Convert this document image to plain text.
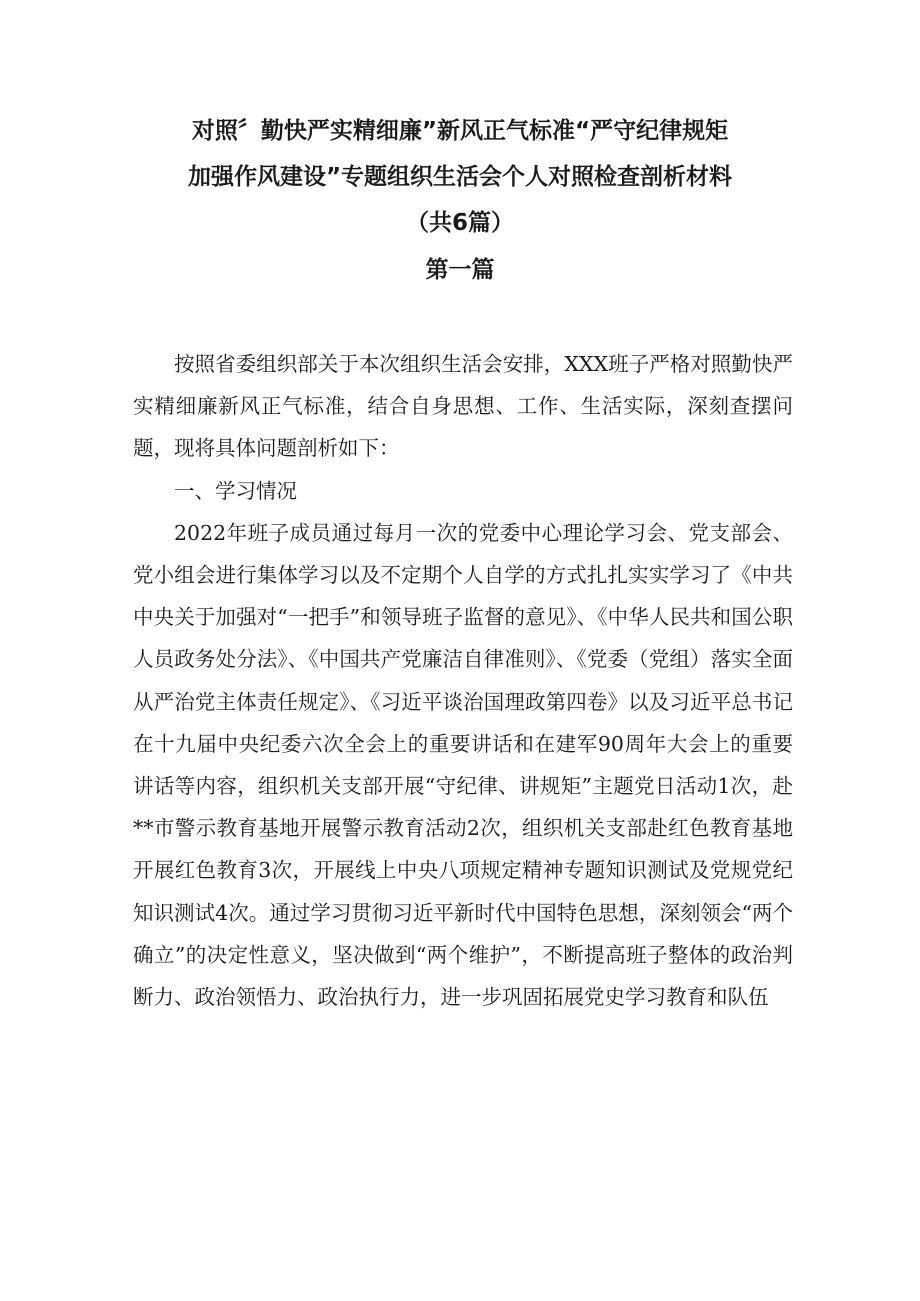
对照〞勤快严实精细廉”新风正气标准“严守纪律规矩
加强作风建设”专题组织生活会个人对照检查剖析材料
（共6篇）
第一篇

按照省委组织部关于本次组织生活会安排，XXX班子严格对照勤快严实精细廉新风正气标准，结合自身思想、工作、生活实际，深刻查摆问题，现将具体问题剖析如下：

一、学习情况

2022年班子成员通过每月一次的党委中心理论学习会、党支部会、党小组会进行集体学习以及不定期个人自学的方式扎扎实实学习了《中共中央关于加强对“一把手”和领导班子监督的意见》、《中华人民共和国公职人员政务处分法》、《中国共产党廉洁自律准则》、《党委（党组）落实全面从严治党主体责任规定》、《习近平谈治国理政第四卷》以及习近平总书记在十九届中央纪委六次全会上的重要讲话和在建军90周年大会上的重要讲话等内容，组织机关支部开展“守纪律、讲规矩”主题党日活动1次，赴**市警示教育基地开展警示教育活动2次，组织机关支部赴红色教育基地开展红色教育3次，开展线上中央八项规定精神专题知识测试及党规党纪知识测试4次。通过学习贯彻习近平新时代中国特色思想，深刻领会“两个确立”的决定性意义，坚决做到“两个维护”，不断提高班子整体的政治判断力、政治领悟力、政治执行力，进一步巩固拓展党史学习教育和队伍
